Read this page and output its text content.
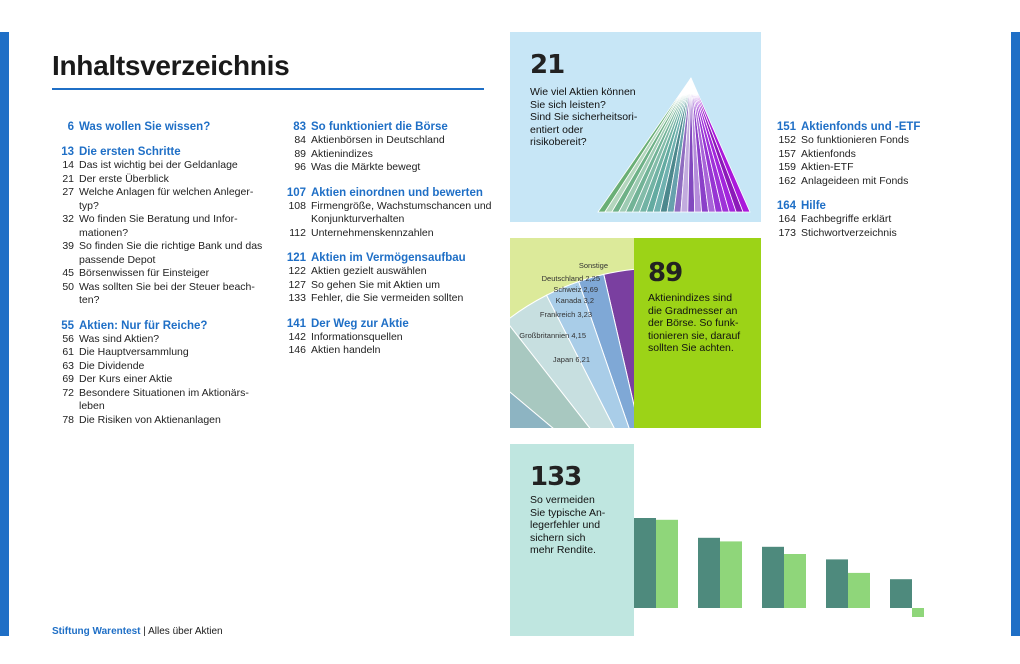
Inhaltsverzeichnis
6 Was wollen Sie wissen?
13 Die ersten Schritte
14 Das ist wichtig bei der Geldanlage
21 Der erste Überblick
27 Welche Anlagen für welchen Anleger-
typ?
32 Wo finden Sie Beratung und Infor-
mationen?
39 So finden Sie die richtige Bank und das
passende Depot
45 Börsenwissen für Einsteiger
50 Was sollten Sie bei der Steuer beach-
ten?
55 Aktien: Nur für Reiche?
56 Was sind Aktien?
61 Die Hauptversammlung
63 Die Dividende
69 Der Kurs einer Aktie
72 Besondere Situationen im Aktionärs-
leben
78 Die Risiken von Aktienanlagen
83 So funktioniert die Börse
84 Aktienbörsen in Deutschland
89 Aktienindizes
96 Was die Märkte bewegt
107 Aktien einordnen und bewerten
108 Firmengröße, Wachstumschancen und
Konjunkturverhalten
112 Unternehmenskennzahlen
121 Aktien im Vermögensaufbau
122 Aktien gezielt auswählen
127 So gehen Sie mit Aktien um
133 Fehler, die Sie vermeiden sollten
141 Der Weg zur Aktie
142 Informationsquellen
146 Aktien handeln
151 Aktienfonds und -ETF
152 So funktionieren Fonds
157 Aktienfonds
159 Aktien-ETF
162 Anlageideen mit Fonds
164 Hilfe
164 Fachbegriffe erklärt
173 Stichwortverzeichnis
21
Wie viel Aktien können
Sie sich leisten?
Sind Sie sicherheitsori-
entiert oder
risikobereit?
Sonstige
Deutschland 2,25
Schweiz 2,69
Kanada 3,2
Frankreich 3,23
Großbritannien 4,15
Japan 6,21
89
Aktienindizes sind
die Gradmesser an
der Börse. So funk-
tionieren sie, darauf
sollten Sie achten.
133
So vermeiden
Sie typische An-
legerfehler und
sichern sich
mehr Rendite.
Stiftung Warentest | Alles über Aktien
